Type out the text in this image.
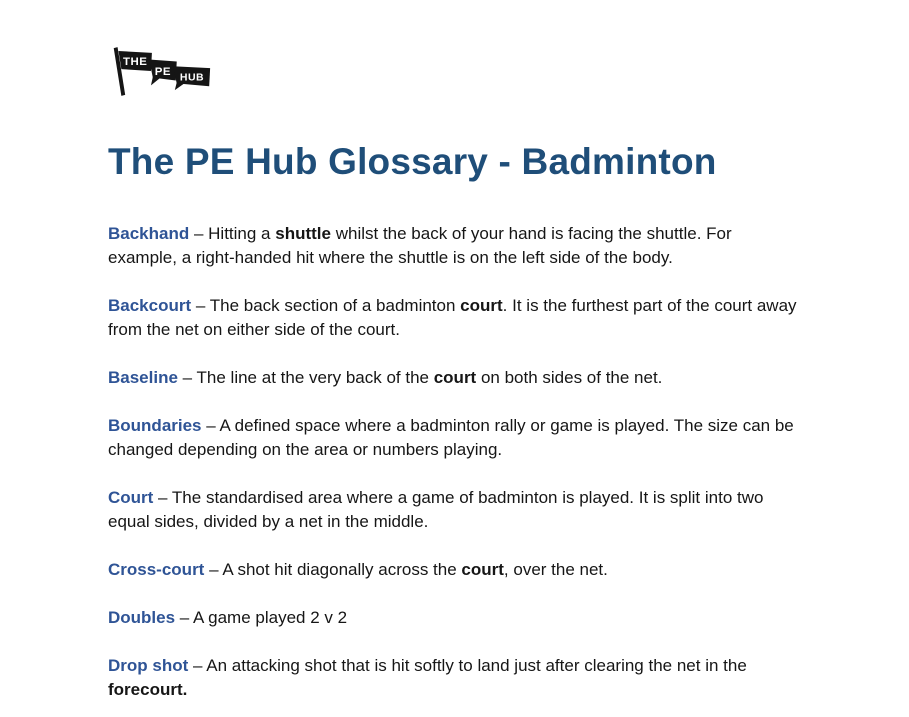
THE
PE HUB
The PE Hub Glossary - Badminton

Backhand – Hitting a shuttle whilst the back of your hand is facing the shuttle. For example, a right-handed hit where the shuttle is on the left side of the body.

Backcourt – The back section of a badminton court. It is the furthest part of the court away from the net on either side of the court.

Baseline – The line at the very back of the court on both sides of the net.

Boundaries – A defined space where a badminton rally or game is played. The size can be changed depending on the area or numbers playing.

Court – The standardised area where a game of badminton is played. It is split into two equal sides, divided by a net in the middle.

Cross-court – A shot hit diagonally across the court, over the net.

Doubles – A game played 2 v 2

Drop shot – An attacking shot that is hit softly to land just after clearing the net in the forecourt.
